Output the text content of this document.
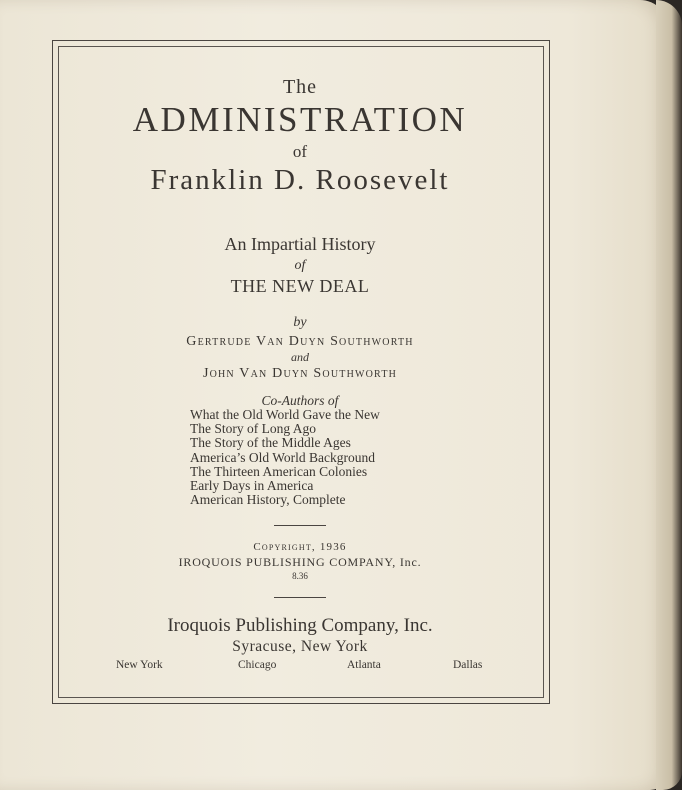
The
ADMINISTRATION
of
Franklin D. Roosevelt
An Impartial History
of
THE NEW DEAL
by
Gertrude Van Duyn Southworth
and
John Van Duyn Southworth
Co-Authors of
What the Old World Gave the New
The Story of Long Ago
The Story of the Middle Ages
America’s Old World Background
The Thirteen American Colonies
Early Days in America
American History, Complete
Copyright, 1936
IROQUOIS PUBLISHING COMPANY, Inc.
8.36
Iroquois Publishing Company, Inc.
Syracuse, New York
New York	Chicago	Atlanta	Dallas
